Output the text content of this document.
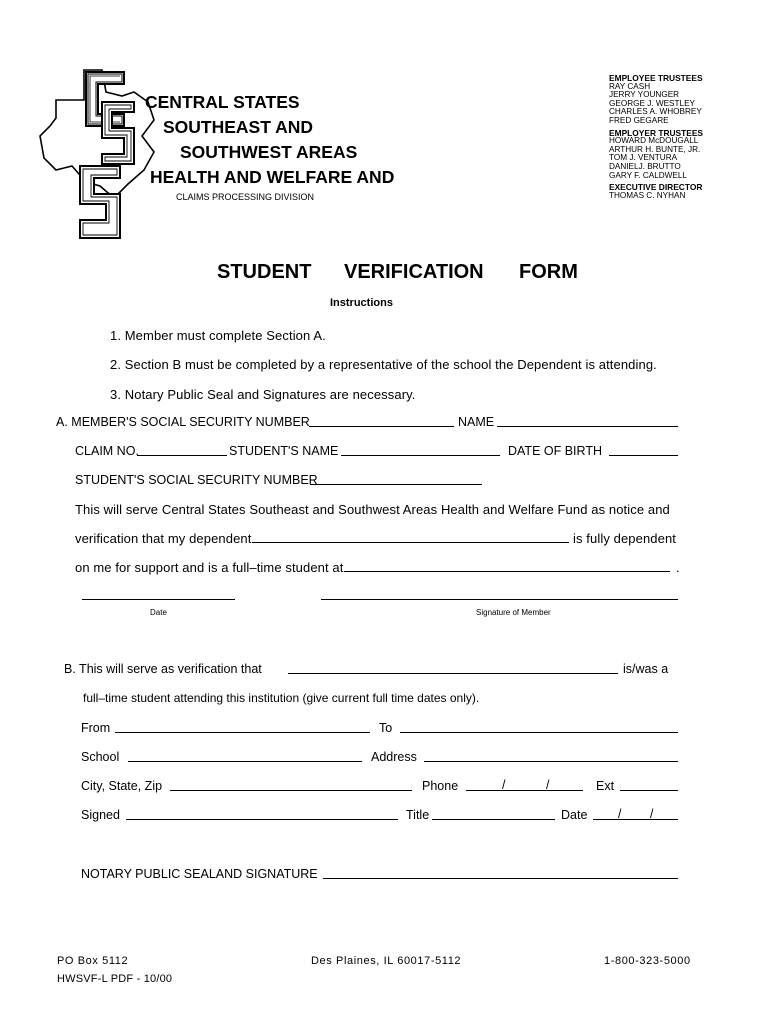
CENTRAL STATES
SOUTHEAST AND
SOUTHWEST AREAS
HEALTH AND WELFARE AND
CLAIMS PROCESSING DIVISION
EMPLOYEE TRUSTEES
RAY CASH
JERRY YOUNGER
GEORGE J. WESTLEY
CHARLES A. WHOBREY
FRED GEGARE
EMPLOYER TRUSTEES
HOWARD McDOUGALL
ARTHUR H. BUNTE, JR.
TOM J. VENTURA
DANIELJ. BRUTTO
GARY F. CALDWELL
EXECUTIVE DIRECTOR
THOMAS C. NYHAN
STUDENT VERIFICATION FORM
Instructions
1. Member must complete Section A.
2. Section B must be completed by a representative of the school the Dependent is attending.
3. Notary Public Seal and Signatures are necessary.
A. MEMBER'S SOCIAL SECURITY NUMBER	NAME
CLAIM NO.	STUDENT'S NAME	DATE OF BIRTH
STUDENT'S SOCIAL SECURITY NUMBER
This will serve Central States Southeast and Southwest Areas Health and Welfare Fund as notice and
verification that my dependent	is fully dependent
on me for support and is a full–time student at	.
Date	Signature of Member
B. This will serve as verification that	is/was a
full–time student attending this institution (give current full time dates only).
From	To
School	Address
City, State, Zip	Phone	/	/	Ext
Signed	Title	Date / /
NOTARY PUBLIC SEALAND SIGNATURE
PO Box 5112	Des Plaines, IL 60017-5112	1-800-323-5000
HWSVF-L PDF - 10/00
